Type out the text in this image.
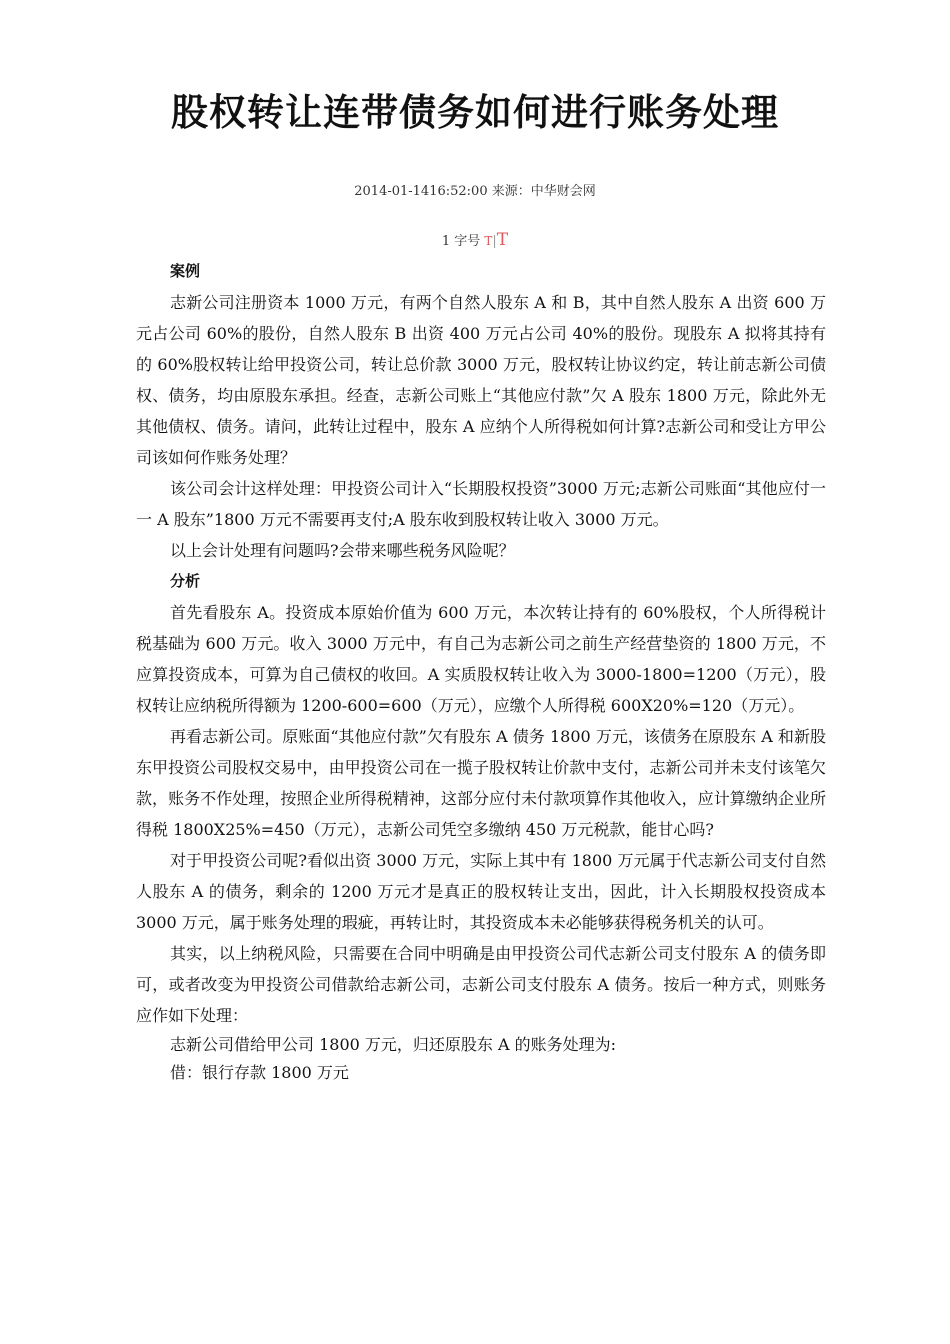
股权转让连带债务如何进行账务处理
2014-01-1416:52:00 来源：中华财会网
1 字号 T|T
案例

志新公司注册资本 1000 万元，有两个自然人股东 A 和 B，其中自然人股东 A 出资 600 万元占公司 60%的股份，自然人股东 B 出资 400 万元占公司 40%的股份。现股东 A 拟将其持有的 60%股权转让给甲投资公司，转让总价款 3000 万元，股权转让协议约定，转让前志新公司债权、债务，均由原股东承担。经查，志新公司账上“其他应付款”欠 A 股东 1800 万元，除此外无其他债权、债务。请问，此转让过程中，股东 A 应纳个人所得税如何计算?志新公司和受让方甲公司该如何作账务处理？

该公司会计这样处理：甲投资公司计入“长期股权投资”3000 万元;志新公司账面“其他应付一一 A 股东”1800 万元不需要再支付;A 股东收到股权转让收入 3000 万元。

以上会计处理有问题吗?会带来哪些税务风险呢？

分析

首先看股东 A。投资成本原始价值为 600 万元，本次转让持有的 60%股权，个人所得税计税基础为 600 万元。收入 3000 万元中，有自己为志新公司之前生产经营垫资的 1800 万元，不应算投资成本，可算为自己债权的收回。A 实质股权转让收入为 3000-1800=1200（万元），股权转让应纳税所得额为 1200-600=600（万元），应缴个人所得税 600X20%=120（万元）。

再看志新公司。原账面“其他应付款”欠有股东 A 债务 1800 万元，该债务在原股东 A 和新股东甲投资公司股权交易中，由甲投资公司在一揽子股权转让价款中支付，志新公司并未支付该笔欠款，账务不作处理，按照企业所得税精神，这部分应付未付款项算作其他收入，应计算缴纳企业所得税 1800X25%=450（万元），志新公司凭空多缴纳 450 万元税款，能甘心吗?

对于甲投资公司呢?看似出资 3000 万元，实际上其中有 1800 万元属于代志新公司支付自然人股东 A 的债务，剩余的 1200 万元才是真正的股权转让支出，因此，计入长期股权投资成本 3000 万元，属于账务处理的瑕疵，再转让时，其投资成本未必能够获得税务机关的认可。

其实，以上纳税风险，只需要在合同中明确是由甲投资公司代志新公司支付股东 A 的债务即可，或者改变为甲投资公司借款给志新公司，志新公司支付股东 A 债务。按后一种方式，则账务应作如下处理：

志新公司借给甲公司 1800 万元，归还原股东 A 的账务处理为:

借：银行存款 1800 万元
